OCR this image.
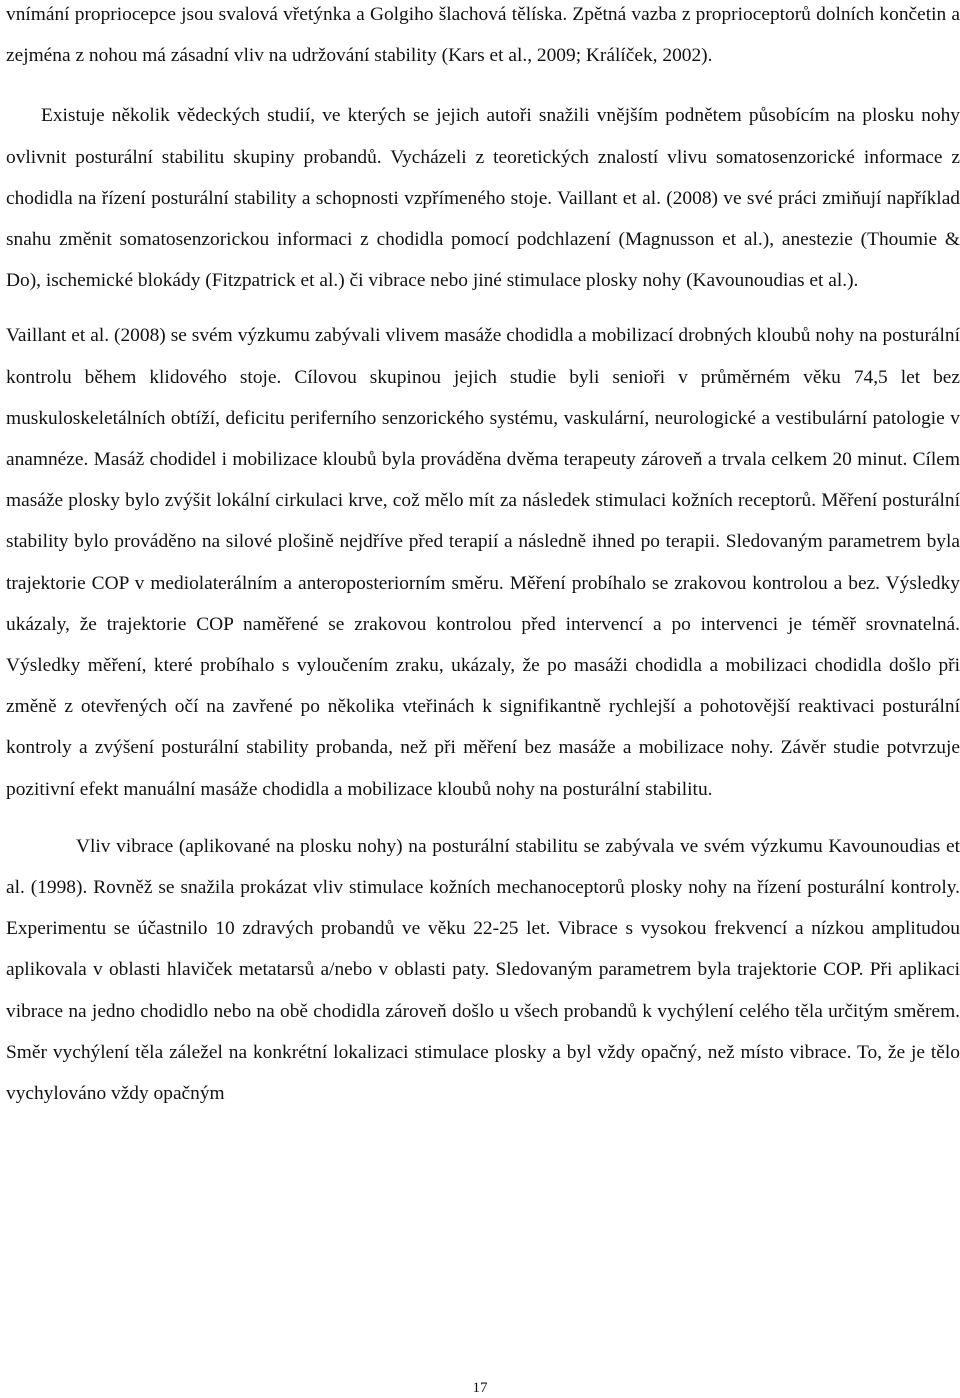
vnímání propriocepce jsou svalová vřetýnka a Golgiho šlachová tělíska. Zpětná vazba z proprioceptorů dolních končetin a zejména z nohou má zásadní vliv na udržování stability (Kars et al., 2009; Králíček, 2002).

Existuje několik vědeckých studií, ve kterých se jejich autoři snažili vnějším podnětem působícím na plosku nohy ovlivnit posturální stabilitu skupiny probandů. Vycházeli z teoretických znalostí vlivu somatosenzorické informace z chodidla na řízení posturální stability a schopnosti vzpřímeného stoje. Vaillant et al. (2008) ve své práci zmiňují například snahu změnit somatosenzorickou informaci z chodidla pomocí podchlazení (Magnusson et al.), anestezie (Thoumie & Do), ischemické blokády (Fitzpatrick et al.) či vibrace nebo jiné stimulace plosky nohy (Kavounoudias et al.).

Vaillant et al. (2008) se svém výzkumu zabývali vlivem masáže chodidla a mobilizací drobných kloubů nohy na posturální kontrolu během klidového stoje. Cílovou skupinou jejich studie byli senioři v průměrném věku 74,5 let bez muskuloskeletálních obtíží, deficitu periferního senzorického systému, vaskulární, neurologické a vestibulární patologie v anamnéze. Masáž chodidel i mobilizace kloubů byla prováděna dvěma terapeuty zároveň a trvala celkem 20 minut. Cílem masáže plosky bylo zvýšit lokální cirkulaci krve, což mělo mít za následek stimulaci kožních receptorů. Měření posturální stability bylo prováděno na silové plošině nejdříve před terapií a následně ihned po terapii. Sledovaným parametrem byla trajektorie COP v mediolaterálním a anteroposteriorním směru. Měření probíhalo se zrakovou kontrolou a bez. Výsledky ukázaly, že trajektorie COP naměřené se zrakovou kontrolou před intervencí a po intervenci je téměř srovnatelná. Výsledky měření, které probíhalo s vyloučením zraku, ukázaly, že po masáži chodidla a mobilizaci chodidla došlo při změně z otevřených očí na zavřené po několika vteřinách k signifikantně rychlejší a pohotovější reaktivaci posturální kontroly a zvýšení posturální stability probanda, než při měření bez masáže a mobilizace nohy. Závěr studie potvrzuje pozitivní efekt manuální masáže chodidla a mobilizace kloubů nohy na posturální stabilitu.

Vliv vibrace (aplikované na plosku nohy) na posturální stabilitu se zabývala ve svém výzkumu Kavounoudias et al. (1998). Rovněž se snažila prokázat vliv stimulace kožních mechanoceptorů plosky nohy na řízení posturální kontroly. Experimentu se účastnilo 10 zdravých probandů ve věku 22-25 let. Vibrace s vysokou frekvencí a nízkou amplitudou aplikovala v oblasti hlaviček metatarsů a/nebo v oblasti paty. Sledovaným parametrem byla trajektorie COP. Při aplikaci vibrace na jedno chodidlo nebo na obě chodidla zároveň došlo u všech probandů k vychýlení celého těla určitým směrem. Směr vychýlení těla záležel na konkrétní lokalizaci stimulace plosky a byl vždy opačný, než místo vibrace. To, že je tělo vychylováno vždy opačným

17
